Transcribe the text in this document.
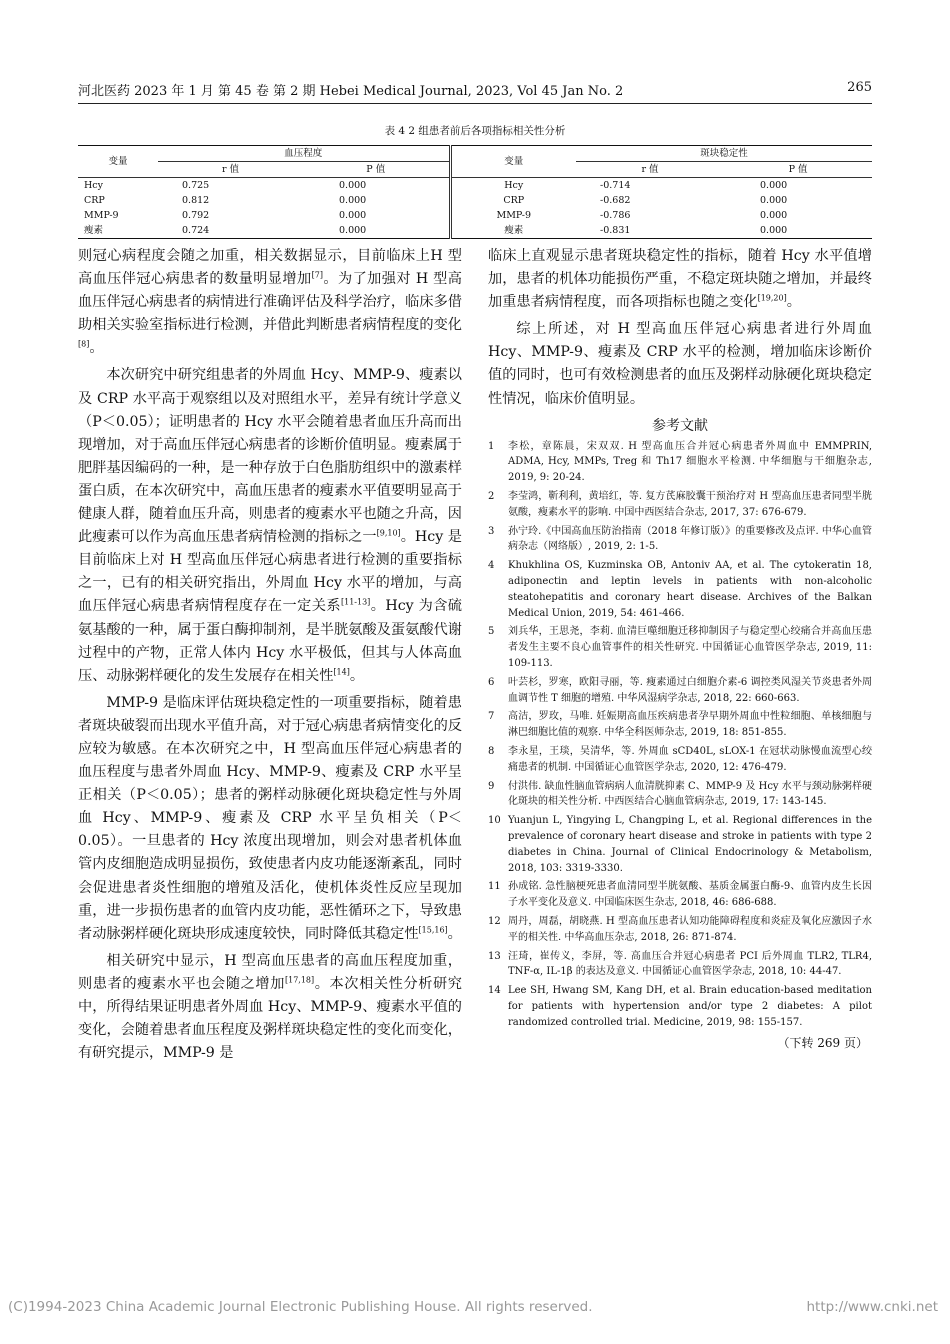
河北医药 2023 年 1 月 第 45 卷 第 2 期 Hebei Medical Journal, 2023, Vol 45 Jan No. 2	265
表 4 2 组患者前后各项指标相关性分析
变量	血压程度		变量	斑块稳定性	
	r 值	P 值		r 值	P 值
Hcy	0.725	0.000	Hcy	-0.714	0.000
CRP	0.812	0.000	CRP	-0.682	0.000
MMP-9	0.792	0.000	MMP-9	-0.786	0.000
瘦素	0.724	0.000	瘦素	-0.831	0.000

则冠心病程度会随之加重，相关数据显示，目前临床上H 型高血压伴冠心病患者的数量明显增加[7]。为了加强对 H 型高血压伴冠心病患者的病情进行准确评估及科学治疗，临床多借助相关实验室指标进行检测，并借此判断患者病情程度的变化[8]。

本次研究中研究组患者的外周血 Hcy、MMP-9、瘦素以及 CRP 水平高于观察组以及对照组水平，差异有统计学意义（P＜0.05）；证明患者的 Hcy 水平会随着患者血压升高而出现增加，对于高血压伴冠心病患者的诊断价值明显。瘦素属于肥胖基因编码的一种，是一种存放于白色脂肪组织中的激素样蛋白质，在本次研究中，高血压患者的瘦素水平值要明显高于健康人群，随着血压升高，则患者的瘦素水平也随之升高，因此瘦素可以作为高血压患者病情检测的指标之一[9,10]。Hcy 是目前临床上对 H 型高血压伴冠心病患者进行检测的重要指标之一，已有的相关研究指出，外周血 Hcy 水平的增加，与高血压伴冠心病患者病情程度存在一定关系[11-13]。Hcy 为含硫氨基酸的一种，属于蛋白酶抑制剂，是半胱氨酸及蛋氨酸代谢过程中的产物，正常人体内 Hcy 水平极低，但其与人体高血压、动脉粥样硬化的发生发展存在相关性[14]。

MMP-9 是临床评估斑块稳定性的一项重要指标，随着患者斑块破裂而出现水平值升高，对于冠心病患者病情变化的反应较为敏感。在本次研究之中，H 型高血压伴冠心病患者的血压程度与患者外周血 Hcy、MMP-9、瘦素及 CRP 水平呈正相关（P＜0.05）；患者的粥样动脉硬化斑块稳定性与外周血 Hcy、MMP-9、瘦素及 CRP 水平呈负相关（P＜0.05）。一旦患者的 Hcy 浓度出现增加，则会对患者机体血管内皮细胞造成明显损伤，致使患者内皮功能逐渐紊乱，同时会促进患者炎性细胞的增殖及活化，使机体炎性反应呈现加重，进一步损伤患者的血管内皮功能，恶性循环之下，导致患者动脉粥样硬化斑块形成速度较快，同时降低其稳定性[15,16]。

相关研究中显示，H 型高血压患者的高血压程度加重，则患者的瘦素水平也会随之增加[17,18]。本次相关性分析研究中，所得结果证明患者外周血 Hcy、MMP-9、瘦素水平值的变化，会随着患者血压程度及粥样斑块稳定性的变化而变化，有研究提示，MMP-9 是

临床上直观显示患者斑块稳定性的指标，随着 Hcy 水平值增加，患者的机体功能损伤严重，不稳定斑块随之增加，并最终加重患者病情程度，而各项指标也随之变化[19,20]。

综上所述，对 H 型高血压伴冠心病患者进行外周血 Hcy、MMP-9、瘦素及 CRP 水平的检测，增加临床诊断价值的同时，也可有效检测患者的血压及粥样动脉硬化斑块稳定性情况，临床价值明显。

参考文献
1	李松，章陈晨，宋双双. H 型高血压合并冠心病患者外周血中 EMMPRIN, ADMA, Hcy, MMPs, Treg 和 Th17 细胞水平检测. 中华细胞与干细胞杂志, 2019, 9: 20-24.
2	李莹鸿，靳利利，黄培红，等. 复方芪麻胶囊干预治疗对 H 型高血压患者同型半胱氨酸，瘦素水平的影响. 中国中西医结合杂志, 2017, 37: 676-679.
3	孙宁玲.《中国高血压防治指南（2018 年修订版）》的重要修改及点评. 中华心血管病杂志（网络版）, 2019, 2: 1-5.
4	Khukhlina OS, Kuzminska OB, Antoniv AA, et al. The cytokeratin 18, adiponectin and leptin levels in patients with non-alcoholic steatohepatitis and coronary heart disease. Archives of the Balkan Medical Union, 2019, 54: 461-466.
5	刘兵华，王思尧，李莉. 血清巨噬细胞迁移抑制因子与稳定型心绞痛合并高血压患者发生主要不良心血管事件的相关性研究. 中国循证心血管医学杂志, 2019, 11: 109-113.
6	叶芸杉，罗寒，欧阳寻丽，等. 瘦素通过白细胞介素-6 调控类风湿关节炎患者外周血调节性 T 细胞的增殖. 中华风湿病学杂志, 2018, 22: 660-663.
7	高洁，罗玫，马唯. 妊娠期高血压疾病患者孕早期外周血中性粒细胞、单核细胞与淋巴细胞比值的观察. 中华全科医师杂志, 2019, 18: 851-855.
8	李永星，王琰，吴清华，等. 外周血 sCD40L, sLOX-1 在冠状动脉慢血流型心绞痛患者的机制. 中国循证心血管医学杂志, 2020, 12: 476-479.
9	付洪伟. 缺血性脑血管病病人血清胱抑素 C、MMP-9 及 Hcy 水平与颈动脉粥样硬化斑块的相关性分析. 中西医结合心脑血管病杂志, 2019, 17: 143-145.
10 Yuanjun L, Yingying L, Changping L, et al. Regional differences in the prevalence of coronary heart disease and stroke in patients with type 2 diabetes in China. Journal of Clinical Endocrinology & Metabolism, 2018, 103: 3319-3330.
11 孙成铭. 急性脑梗死患者血清同型半胱氨酸、基质金属蛋白酶-9、血管内皮生长因子水平变化及意义. 中国临床医生杂志, 2018, 46: 686-688.
12 周丹，周磊，胡晓燕. H 型高血压患者认知功能障碍程度和炎症及氧化应激因子水平的相关性. 中华高血压杂志, 2018, 26: 871-874.
13 汪琦，崔传义，李屏，等. 高血压合并冠心病患者 PCI 后外周血 TLR2, TLR4, TNF-α, IL-1β 的表达及意义. 中国循证心血管医学杂志, 2018, 10: 44-47.
14 Lee SH, Hwang SM, Kang DH, et al. Brain education-based meditation for patients with hypertension and/or type 2 diabetes: A pilot randomized controlled trial. Medicine, 2019, 98: 155-157.
（下转 269 页）
(C)1994-2023 China Academic Journal Electronic Publishing House. All rights reserved.	http://www.cnki.net
